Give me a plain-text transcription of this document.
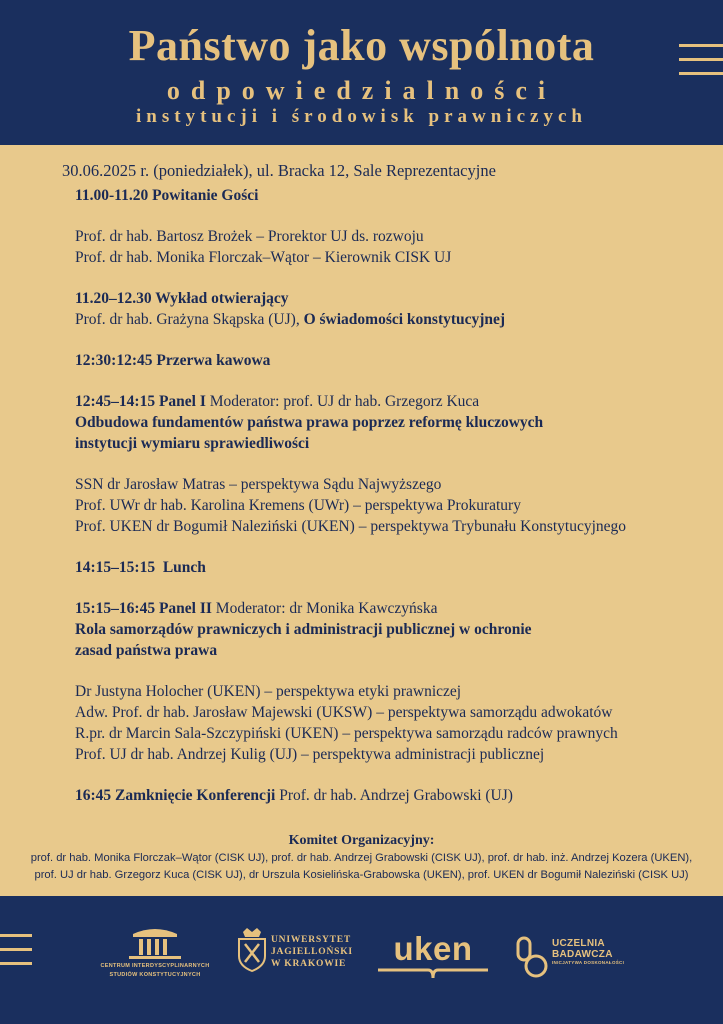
Państwo jako wspólnota
odpowiedzialności
instytucji i środowisk prawniczych
30.06.2025 r. (poniedziałek), ul. Bracka 12, Sale Reprezentacyjne
11.00-11.20 Powitanie Gości
Prof. dr hab. Bartosz Brożek – Prorektor UJ ds. rozwoju
Prof. dr hab. Monika Florczak–Wątor – Kierownik CISK UJ
11.20–12.30 Wykład otwierający
Prof. dr hab. Grażyna Skąpska (UJ), O świadomości konstytucyjnej
12:30:12:45 Przerwa kawowa
12:45–14:15 Panel I Moderator: prof. UJ dr hab. Grzegorz Kuca
Odbudowa fundamentów państwa prawa poprzez reformę kluczowych
instytucji wymiaru sprawiedliwości
SSN dr Jarosław Matras – perspektywa Sądu Najwyższego
Prof. UWr dr hab. Karolina Kremens (UWr) – perspektywa Prokuratury
Prof. UKEN dr Bogumił Naleziński (UKEN) – perspektywa Trybunału Konstytucyjnego
14:15–15:15  Lunch
15:15–16:45 Panel II Moderator: dr Monika Kawczyńska
Rola samorządów prawniczych i administracji publicznej w ochronie
zasad państwa prawa
Dr Justyna Holocher (UKEN) – perspektywa etyki prawniczej
Adw. Prof. dr hab. Jarosław Majewski (UKSW) – perspektywa samorządu adwokatów
R.pr. dr Marcin Sala-Szczypiński (UKEN) – perspektywa samorządu radców prawnych
Prof. UJ dr hab. Andrzej Kulig (UJ) – perspektywa administracji publicznej
16:45 Zamknięcie Konferencji Prof. dr hab. Andrzej Grabowski (UJ)
Komitet Organizacyjny:
prof. dr hab. Monika Florczak–Wątor (CISK UJ), prof. dr hab. Andrzej Grabowski (CISK UJ), prof. dr hab. inż. Andrzej Kozera (UKEN),
prof. UJ dr hab. Grzegorz Kuca (CISK UJ), dr Urszula Kosielińska-Grabowska (UKEN), prof. UKEN dr Bogumił Naleziński (CISK UJ)
CENTRUM INTERDYSCYPLINARNYCH
STUDIÓW KONSTYTUCYJNYCH
UNIWERSYTET
JAGIELLOŃSKI
W KRAKOWIE	uken	UCZELNIA
BADAWCZA
INICJATYWA DOSKONAŁOŚCI
